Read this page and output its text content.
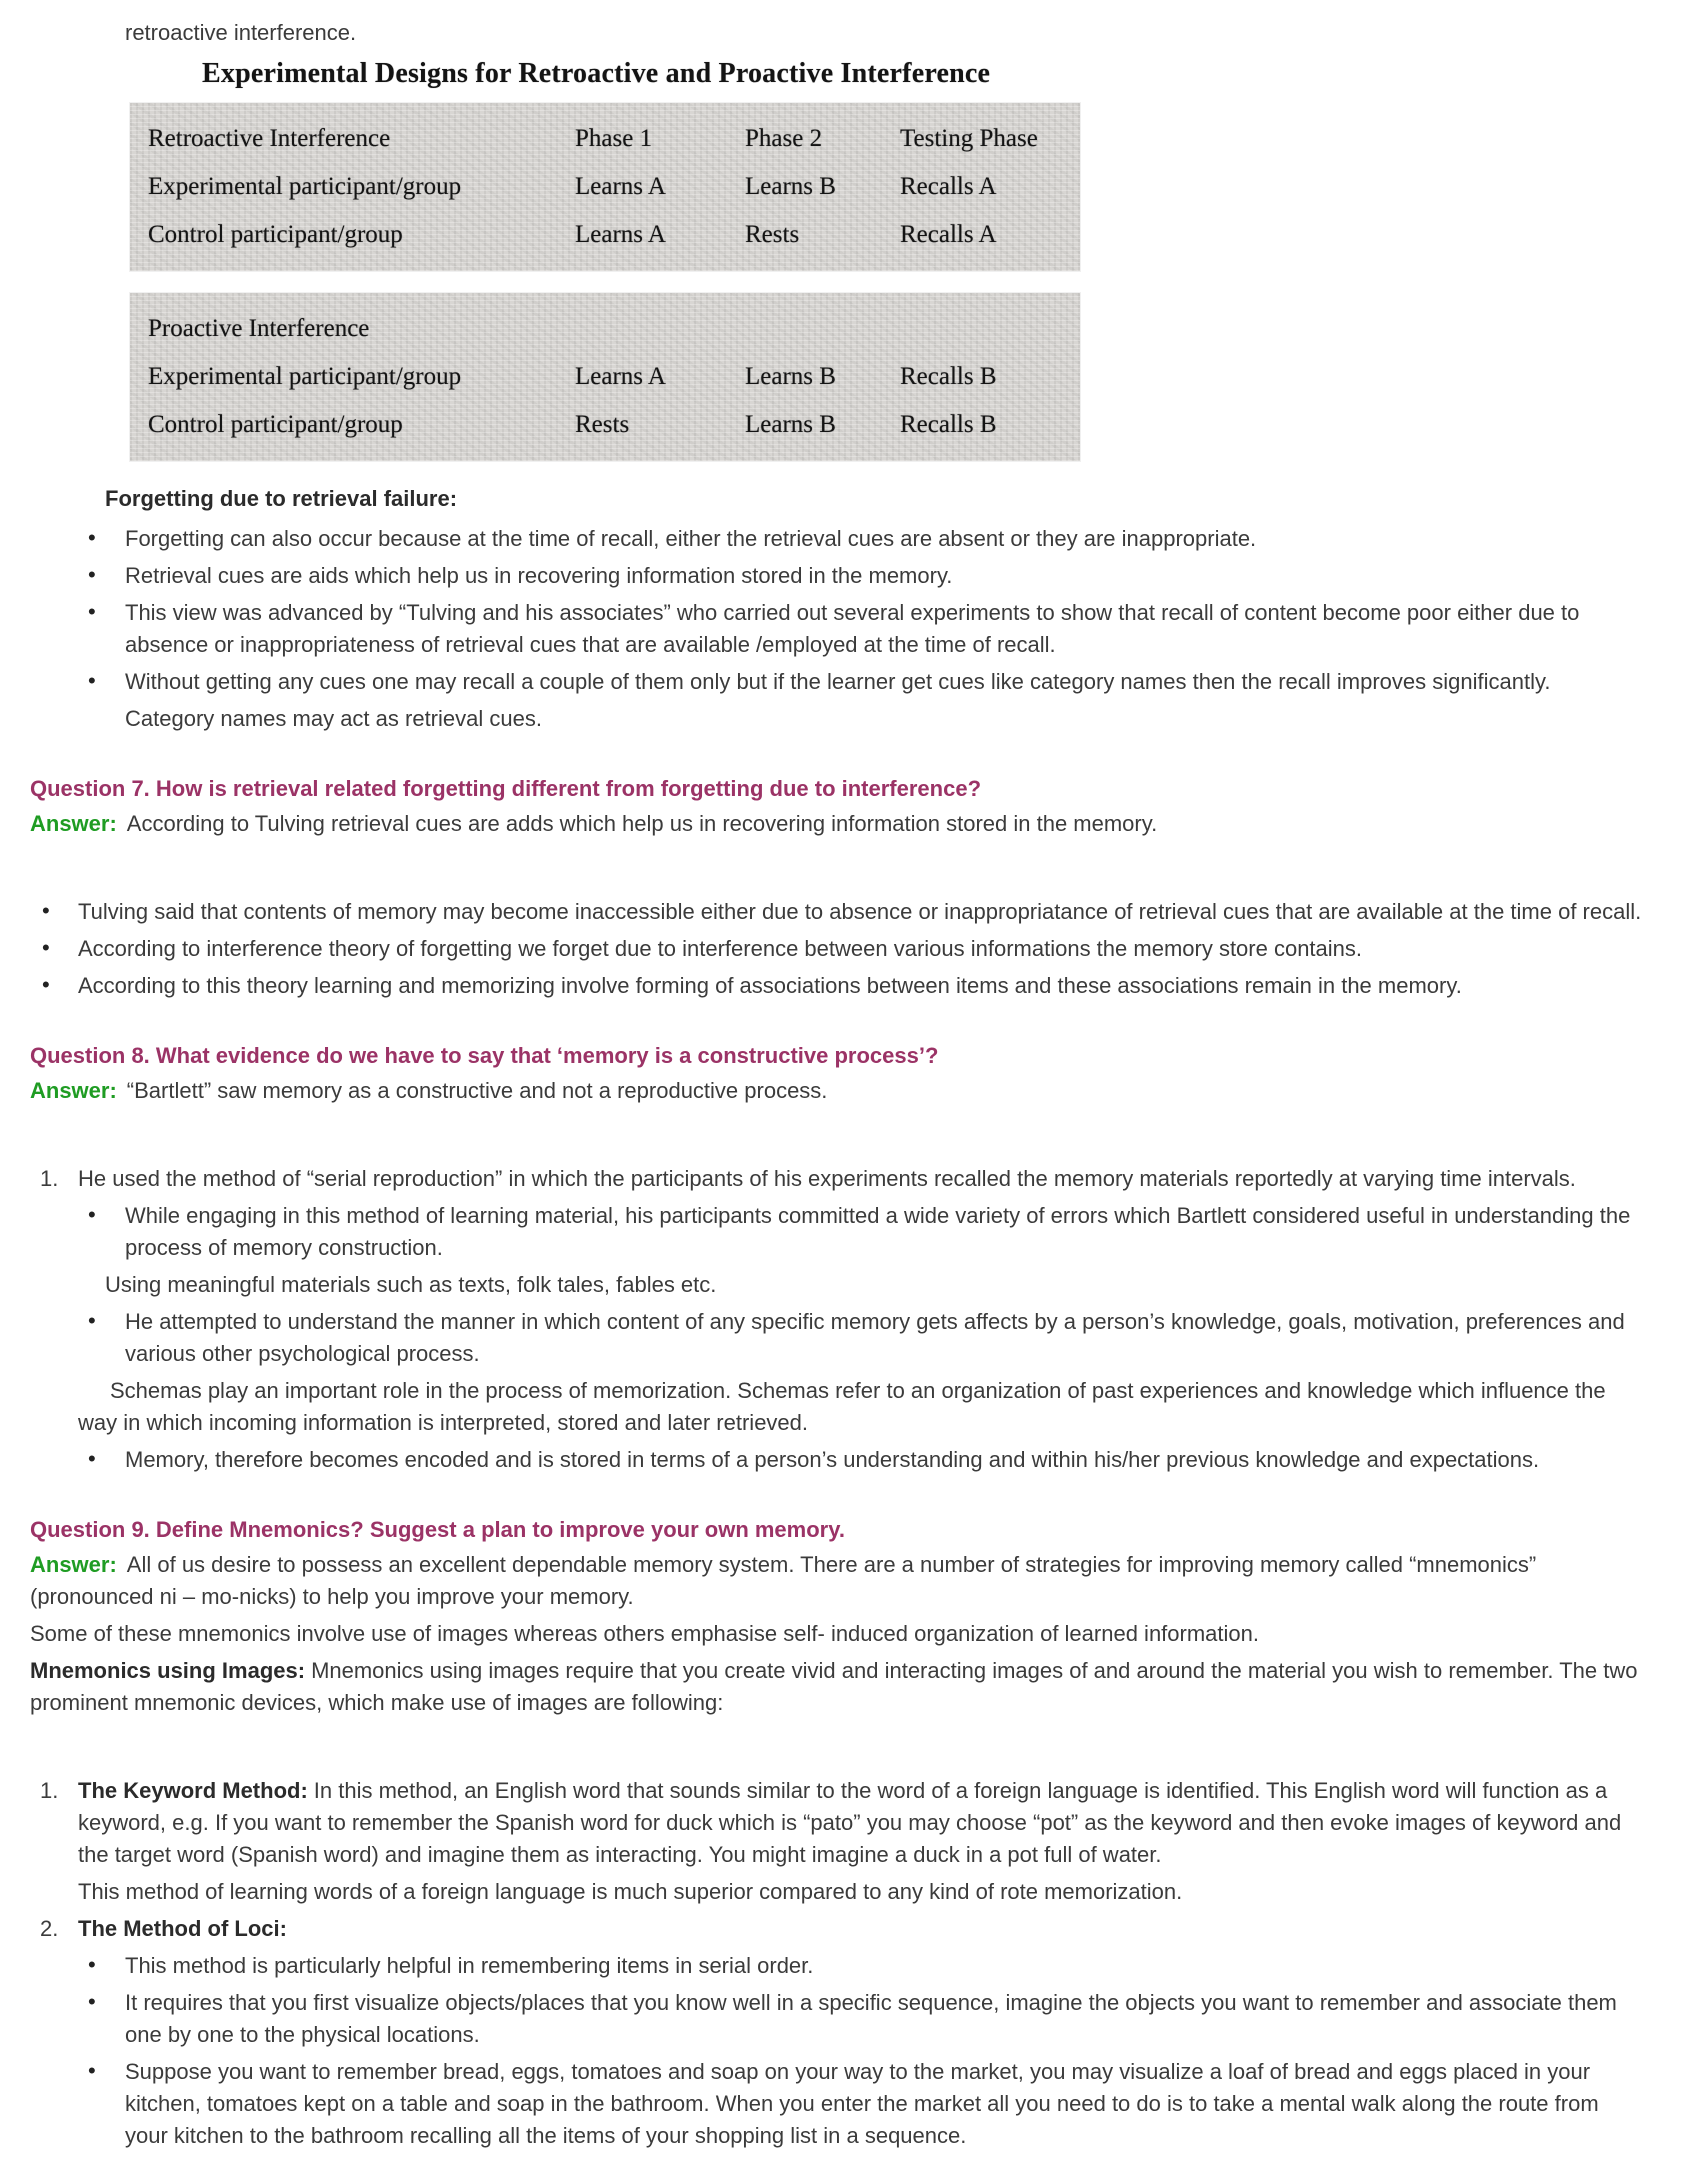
retroactive interference.
Experimental Designs for Retroactive and Proactive Interference
Retroactive Interference	Phase 1	Phase 2	Testing Phase
Experimental participant/group	Learns A	Learns B	Recalls A
Control participant/group	Learns A	Rests	Recalls A
Proactive Interference
Experimental participant/group	Learns A	Learns B	Recalls B
Control participant/group	Rests	Learns B	Recalls B
Forgetting due to retrieval failure:
• Forgetting can also occur because at the time of recall, either the retrieval cues are absent or they are inappropriate.
• Retrieval cues are aids which help us in recovering information stored in the memory.
• This view was advanced by “Tulving and his associates” who carried out several experiments to show that recall of content become poor either due to absence or inappropriateness of retrieval cues that are available /employed at the time of recall.
• Without getting any cues one may recall a couple of them only but if the learner get cues like category names then the recall improves significantly.
Category names may act as retrieval cues.
Question 7. How is retrieval related forgetting different from forgetting due to interference?
Answer: According to Tulving retrieval cues are adds which help us in recovering information stored in the memory.
• Tulving said that contents of memory may become inaccessible either due to absence or inappropriatance of retrieval cues that are available at the time of recall.
• According to interference theory of forgetting we forget due to interference between various informations the memory store contains.
• According to this theory learning and memorizing involve forming of associations between items and these associations remain in the memory.
Question 8. What evidence do we have to say that ‘memory is a constructive process’?
Answer: “Bartlett” saw memory as a constructive and not a reproductive process.
1. He used the method of “serial reproduction” in which the participants of his experiments recalled the memory materials reportedly at varying time intervals.
• While engaging in this method of learning material, his participants committed a wide variety of errors which Bartlett considered useful in understanding the process of memory construction.
Using meaningful materials such as texts, folk tales, fables etc.
• He attempted to understand the manner in which content of any specific memory gets affects by a person’s knowledge, goals, motivation, preferences and various other psychological process.
Schemas play an important role in the process of memorization. Schemas refer to an organization of past experiences and knowledge which influence the way in which incoming information is interpreted, stored and later retrieved.
• Memory, therefore becomes encoded and is stored in terms of a person’s understanding and within his/her previous knowledge and expectations.
Question 9. Define Mnemonics? Suggest a plan to improve your own memory.
Answer: All of us desire to possess an excellent dependable memory system. There are a number of strategies for improving memory called “mnemonics” (pronounced ni – mo-nicks) to help you improve your memory.
Some of these mnemonics involve use of images whereas others emphasise self- induced organization of learned information.
Mnemonics using Images: Mnemonics using images require that you create vivid and interacting images of and around the material you wish to remember. The two prominent mnemonic devices, which make use of images are following:
1. The Keyword Method: In this method, an English word that sounds similar to the word of a foreign language is identified. This English word will function as a keyword, e.g. If you want to remember the Spanish word for duck which is “pato” you may choose “pot” as the keyword and then evoke images of keyword and the target word (Spanish word) and imagine them as interacting. You might imagine a duck in a pot full of water.
This method of learning words of a foreign language is much superior compared to any kind of rote memorization.
2. The Method of Loci:
• This method is particularly helpful in remembering items in serial order.
• It requires that you first visualize objects/places that you know well in a specific sequence, imagine the objects you want to remember and associate them one by one to the physical locations.
• Suppose you want to remember bread, eggs, tomatoes and soap on your way to the market, you may visualize a loaf of bread and eggs placed in your kitchen, tomatoes kept on a table and soap in the bathroom. When you enter the market all you need to do is to take a mental walk along the route from your kitchen to the bathroom recalling all the items of your shopping list in a sequence.
